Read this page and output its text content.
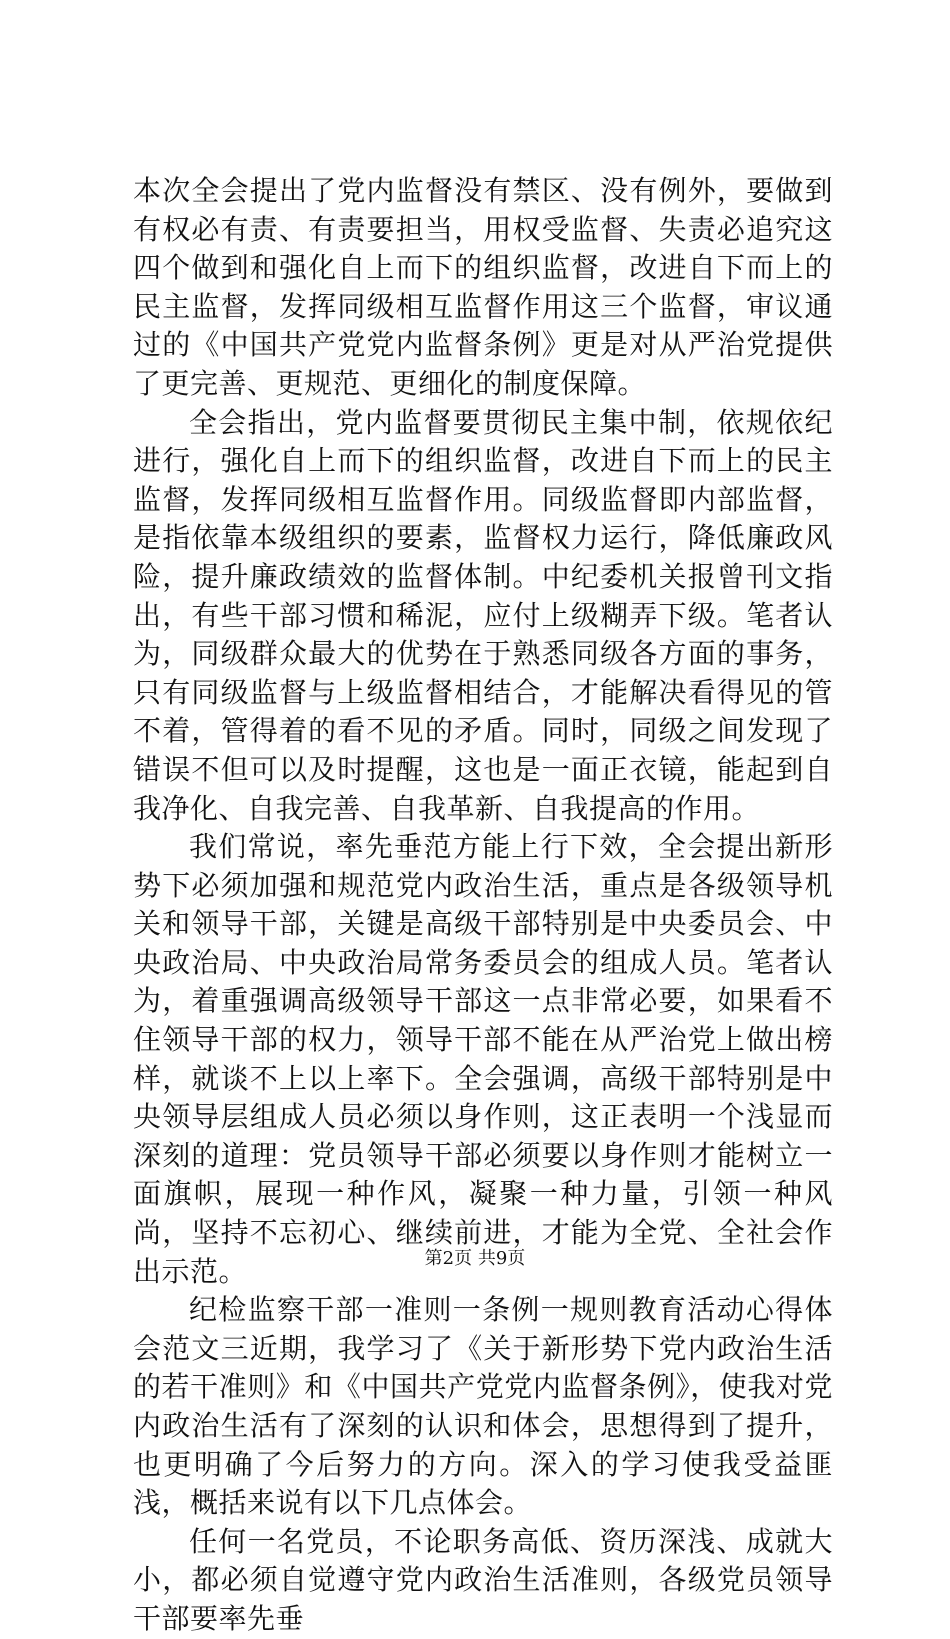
本次全会提出了党内监督没有禁区、没有例外，要做到有权必有责、有责要担当，用权受监督、失责必追究这四个做到和强化自上而下的组织监督，改进自下而上的民主监督，发挥同级相互监督作用这三个监督，审议通过的《中国共产党党内监督条例》更是对从严治党提供了更完善、更规范、更细化的制度保障。

全会指出，党内监督要贯彻民主集中制，依规依纪进行，强化自上而下的组织监督，改进自下而上的民主监督，发挥同级相互监督作用。同级监督即内部监督，是指依靠本级组织的要素，监督权力运行，降低廉政风险，提升廉政绩效的监督体制。中纪委机关报曾刊文指出，有些干部习惯和稀泥，应付上级糊弄下级。笔者认为，同级群众最大的优势在于熟悉同级各方面的事务，只有同级监督与上级监督相结合，才能解决看得见的管不着，管得着的看不见的矛盾。同时，同级之间发现了错误不但可以及时提醒，这也是一面正衣镜，能起到自我净化、自我完善、自我革新、自我提高的作用。

我们常说，率先垂范方能上行下效，全会提出新形势下必须加强和规范党内政治生活，重点是各级领导机关和领导干部，关键是高级干部特别是中央委员会、中央政治局、中央政治局常务委员会的组成人员。笔者认为，着重强调高级领导干部这一点非常必要，如果看不住领导干部的权力，领导干部不能在从严治党上做出榜样，就谈不上以上率下。全会强调，高级干部特别是中央领导层组成人员必须以身作则，这正表明一个浅显而深刻的道理：党员领导干部必须要以身作则才能树立一面旗帜，展现一种作风，凝聚一种力量，引领一种风尚，坚持不忘初心、继续前进，才能为全党、全社会作出示范。

纪检监察干部一准则一条例一规则教育活动心得体会范文三近期，我学习了《关于新形势下党内政治生活的若干准则》和《中国共产党党内监督条例》，使我对党内政治生活有了深刻的认识和体会，思想得到了提升，也更明确了今后努力的方向。深入的学习使我受益匪浅，概括来说有以下几点体会。

任何一名党员，不论职务高低、资历深浅、成就大小，都必须自觉遵守党内政治生活准则，各级党员领导干部要率先垂

第2页 共9页
